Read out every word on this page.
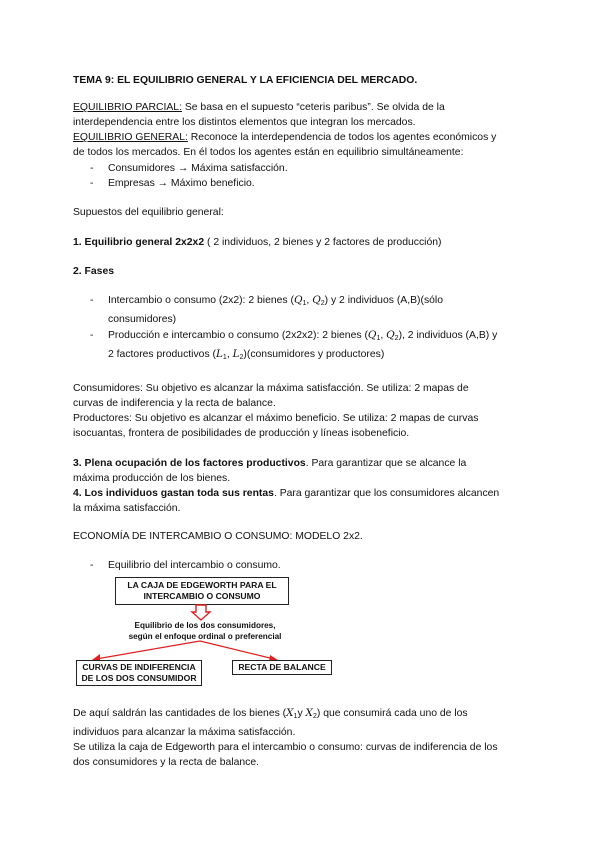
TEMA 9: EL EQUILIBRIO GENERAL Y LA EFICIENCIA DEL MERCADO.
EQUILIBRIO PARCIAL: Se basa en el supuesto “ceteris paribus”. Se olvida de la
interdependencia entre los distintos elementos que integran los mercados.
EQUILIBRIO GENERAL: Reconoce la interdependencia de todos los agentes económicos y
de todos los mercados. En él todos los agentes están en equilibrio simultáneamente:
- Consumidores → Máxima satisfacción.
- Empresas → Máximo beneficio.
Supuestos del equilibrio general:
1. Equilibrio general 2x2x2 ( 2 individuos, 2 bienes y 2 factores de producción)
2. Fases
- Intercambio o consumo (2x2): 2 bienes ($Q_1$, $Q_2$) y 2 individuos (A,B)(sólo
consumidores)
- Producción e intercambio o consumo (2x2x2): 2 bienes ($Q_1$, $Q_2$), 2 individuos (A,B) y
2 factores productivos ($L_1$, $L_2)(consumidores$ y productores)
Consumidores: Su objetivo es alcanzar la máxima satisfacción. Se utiliza: 2 mapas de
curvas de indiferencia y la recta de balance.
Productores: Su objetivo es alcanzar el máximo beneficio. Se utiliza: 2 mapas de curvas
isocuantas, frontera de posibilidades de producción y líneas isobeneficio.
3. Plena ocupación de los factores productivos. Para garantizar que se alcance la
máxima producción de los bienes.
4. Los individuos gastan toda sus rentas. Para garantizar que los consumidores alcancen
la máxima satisfacción.
ECONOMÍA DE INTERCAMBIO O CONSUMO: MODELO 2x2.
- Equilibrio del intercambio o consumo.
LA CAJA DE EDGEWORTH PARA EL
INTERCAMBIO O CONSUMO
Equilibrio de los dos consumidores,
según el enfoque ordinal o preferencial
CURVAS DE INDIFERENCIA
DE LOS DOS CONSUMIDOR
RECTA DE BALANCE
De aquí saldrán las cantidades de los bienes ($X_1y$ $X_2$) que consumirá cada uno de los
individuos para alcanzar la máxima satisfacción.
Se utiliza la caja de Edgeworth para el intercambio o consumo: curvas de indiferencia de los
dos consumidores y la recta de balance.
